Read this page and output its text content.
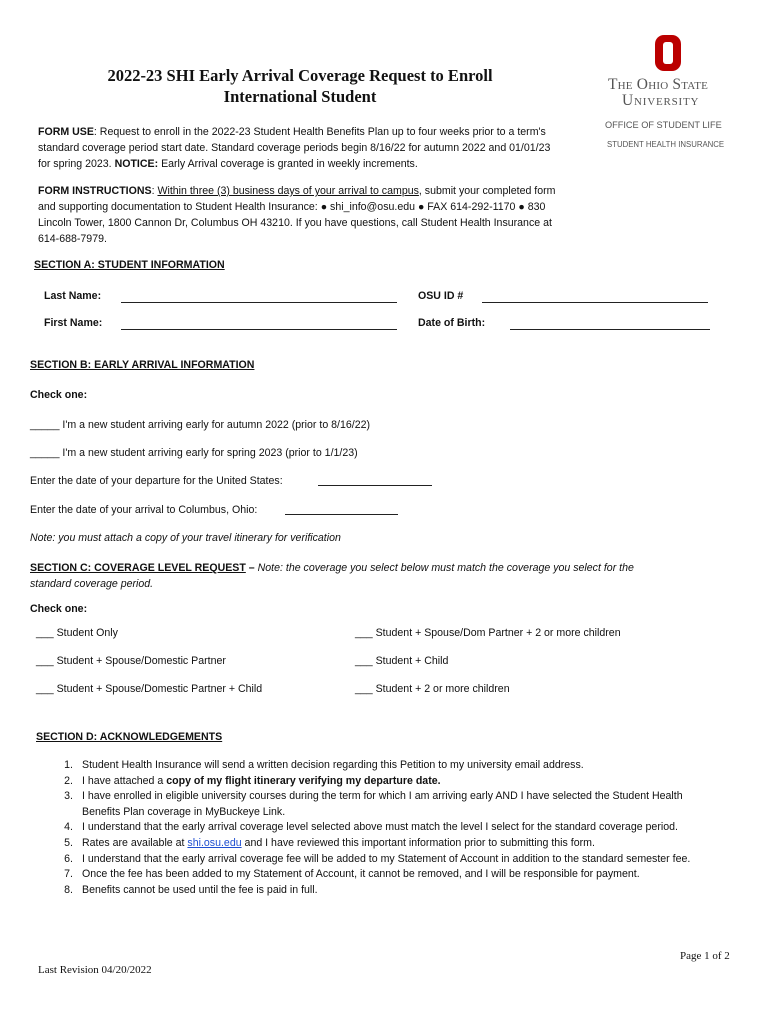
The Ohio State
University
OFFICE OF STUDENT LIFE
STUDENT HEALTH INSURANCE
2022-23 SHI Early Arrival Coverage Request to Enroll
International Student
FORM USE: Request to enroll in the 2022-23 Student Health Benefits Plan up to four weeks prior to a term's standard coverage period start date. Standard coverage periods begin 8/16/22 for autumn 2022 and 01/01/23 for spring 2023. NOTICE: Early Arrival coverage is granted in weekly increments.
FORM INSTRUCTIONS: Within three (3) business days of your arrival to campus, submit your completed form and supporting documentation to Student Health Insurance: ● shi_info@osu.edu ● FAX 614-292-1170 ● 830 Lincoln Tower, 1800 Cannon Dr, Columbus OH 43210. If you have questions, call Student Health Insurance at 614-688-7979.
SECTION A: STUDENT INFORMATION
Last Name:	OSU ID #
First Name:	Date of Birth:
SECTION B: EARLY ARRIVAL INFORMATION
Check one:
_____ I'm a new student arriving early for autumn 2022 (prior to 8/16/22)
_____ I'm a new student arriving early for spring 2023 (prior to 1/1/23)
Enter the date of your departure for the United States:
Enter the date of your arrival to Columbus, Ohio:
Note: you must attach a copy of your travel itinerary for verification
SECTION C: COVERAGE LEVEL REQUEST – Note: the coverage you select below must match the coverage you select for the standard coverage period.
Check one:
___ Student Only	___ Student + Spouse/Dom Partner + 2 or more children
___ Student + Spouse/Domestic Partner	___ Student + Child
___ Student + Spouse/Domestic Partner + Child	___ Student + 2 or more children
SECTION D: ACKNOWLEDGEMENTS
1. Student Health Insurance will send a written decision regarding this Petition to my university email address.
2. I have attached a copy of my flight itinerary verifying my departure date.
3. I have enrolled in eligible university courses during the term for which I am arriving early AND I have selected the Student Health Benefits Plan coverage in MyBuckeye Link.
4. I understand that the early arrival coverage level selected above must match the level I select for the standard coverage period.
5. Rates are available at shi.osu.edu and I have reviewed this important information prior to submitting this form.
6. I understand that the early arrival coverage fee will be added to my Statement of Account in addition to the standard semester fee.
7. Once the fee has been added to my Statement of Account, it cannot be removed, and I will be responsible for payment.
8. Benefits cannot be used until the fee is paid in full.
Page 1 of 2
Last Revision 04/20/2022
